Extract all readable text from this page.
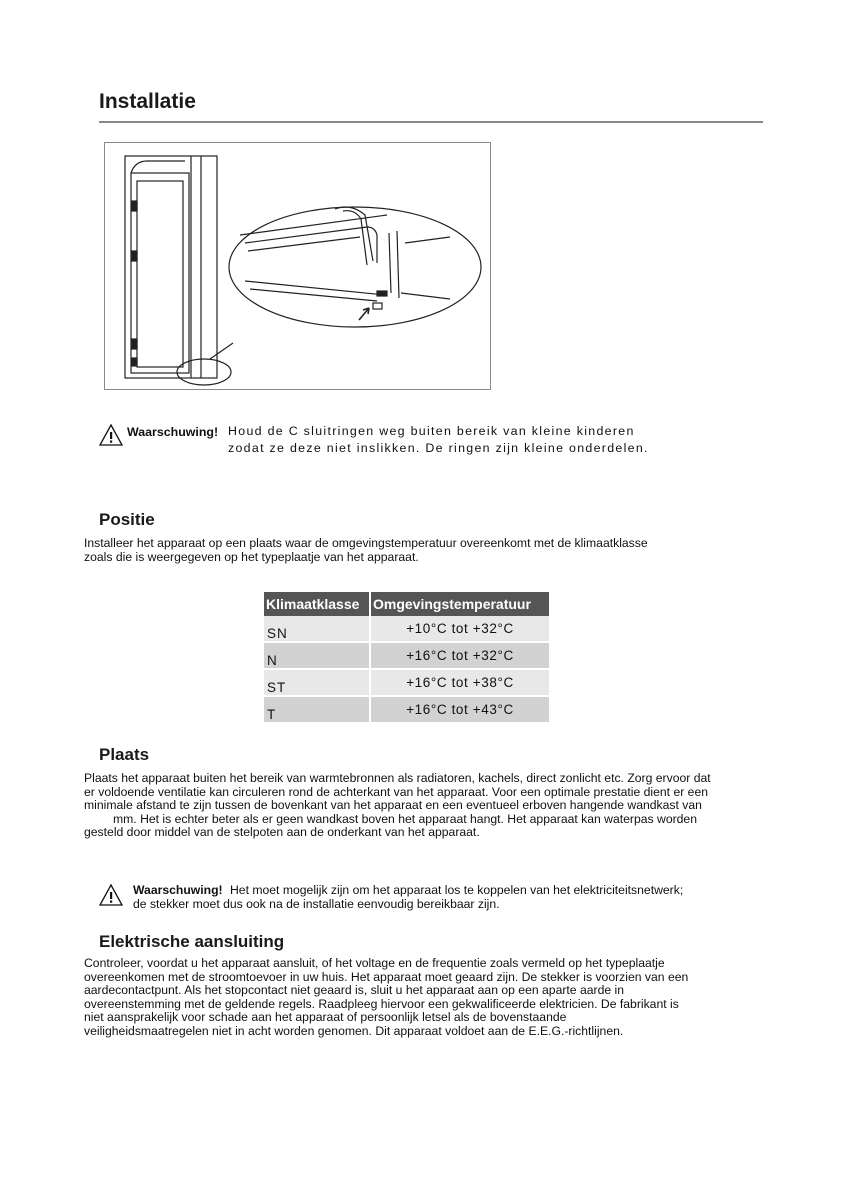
Installatie
Waarschuwing! Houd de C sluitringen weg buiten bereik van kleine kinderen
zodat ze deze niet inslikken. De ringen zijn kleine onderdelen.
Positie
Installeer het apparaat op een plaats waar de omgevingstemperatuur overeenkomt met de klimaatklasse
zoals die is weergegeven op het typeplaatje van het apparaat.
Klimaatklasse	Omgevingstemperatuur
SN	+10°C tot +32°C
N	+16°C tot +32°C
ST	+16°C tot +38°C
T	+16°C tot +43°C
Plaats
Plaats het apparaat buiten het bereik van warmtebronnen als radiatoren, kachels, direct zonlicht etc. Zorg ervoor dat
er voldoende ventilatie kan circuleren rond de achterkant van het apparaat. Voor een optimale prestatie dient er een
minimale afstand te zijn tussen de bovenkant van het apparaat en een eventueel erboven hangende wandkast van
mm. Het is echter beter als er geen wandkast boven het apparaat hangt. Het apparaat kan waterpas worden
gesteld door middel van de stelpoten aan de onderkant van het apparaat.
Waarschuwing! Het moet mogelijk zijn om het apparaat los te koppelen van het elektriciteitsnetwerk;
de stekker moet dus ook na de installatie eenvoudig bereikbaar zijn.
Elektrische aansluiting
Controleer, voordat u het apparaat aansluit, of het voltage en de frequentie zoals vermeld op het typeplaatje
overeenkomen met de stroomtoevoer in uw huis. Het apparaat moet geaard zijn. De stekker is voorzien van een
aardecontactpunt. Als het stopcontact niet geaard is, sluit u het apparaat aan op een aparte aarde in
overeenstemming met de geldende regels. Raadpleeg hiervoor een gekwalificeerde elektricien. De fabrikant is
niet aansprakelijk voor schade aan het apparaat of persoonlijk letsel als de bovenstaande
veiligheidsmaatregelen niet in acht worden genomen. Dit apparaat voldoet aan de E.E.G.-richtlijnen.
